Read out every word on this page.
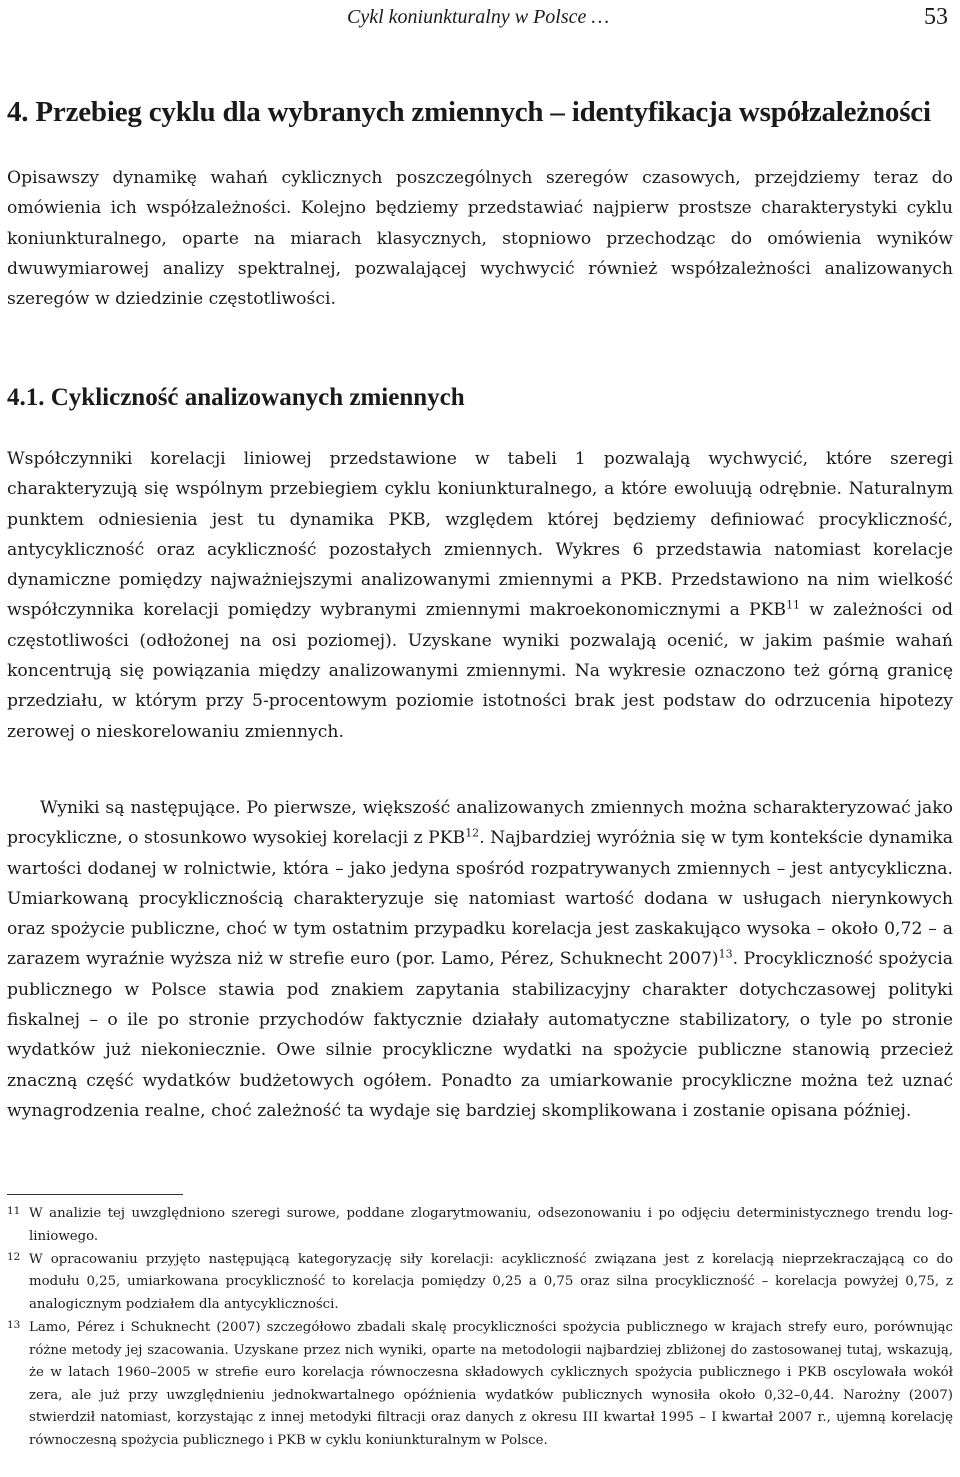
Cykl koniunkturalny w Polsce …	53
4. Przebieg cyklu dla wybranych zmiennych – identyfikacja współzależności

Opisawszy dynamikę wahań cyklicznych poszczególnych szeregów czasowych, przejdziemy teraz do omówienia ich współzależności. Kolejno będziemy przedstawiać najpierw prostsze charakterystyki cyklu koniunkturalnego, oparte na miarach klasycznych, stopniowo przechodząc do omówienia wyników dwuwymiarowej analizy spektralnej, pozwalającej wychwycić również współzależności analizowanych szeregów w dziedzinie częstotliwości.

4.1. Cykliczność analizowanych zmiennych

Współczynniki korelacji liniowej przedstawione w tabeli 1 pozwalają wychwycić, które szeregi charakteryzują się wspólnym przebiegiem cyklu koniunkturalnego, a które ewoluują odrębnie. Naturalnym punktem odniesienia jest tu dynamika PKB, względem której będziemy definiować procykliczność, antycykliczność oraz acykliczność pozostałych zmiennych. Wykres 6 przedstawia natomiast korelacje dynamiczne pomiędzy najważniejszymi analizowanymi zmiennymi a PKB. Przedstawiono na nim wielkość współczynnika korelacji pomiędzy wybranymi zmiennymi makroekonomicznymi a PKB$^{11}$ w zależności od częstotliwości (odłożonej na osi poziomej). Uzyskane wyniki pozwalają ocenić, w jakim paśmie wahań koncentrują się powiązania między analizowanymi zmiennymi. Na wykresie oznaczono też górną granicę przedziału, w którym przy 5-procentowym poziomie istotności brak jest podstaw do odrzucenia hipotezy zerowej o nieskorelowaniu zmiennych.

Wyniki są następujące. Po pierwsze, większość analizowanych zmiennych można scharakteryzować jako procykliczne, o stosunkowo wysokiej korelacji z PKB$^{12}$. Najbardziej wyróżnia się w tym kontekście dynamika wartości dodanej w rolnictwie, która – jako jedyna spośród rozpatrywanych zmiennych – jest antycykliczna. Umiarkowaną procyklicznością charakteryzuje się natomiast wartość dodana w usługach nierynkowych oraz spożycie publiczne, choć w tym ostatnim przypadku korelacja jest zaskakująco wysoka – około 0,72 – a zarazem wyraźnie wyższa niż w strefie euro (por. Lamo, Pérez, Schuknecht 2007)$^{13}$. Procykliczność spożycia publicznego w Polsce stawia pod znakiem zapytania stabilizacyjny charakter dotychczasowej polityki fiskalnej – o ile po stronie przychodów faktycznie działały automatyczne stabilizatory, o tyle po stronie wydatków już niekoniecznie. Owe silnie procykliczne wydatki na spożycie publiczne stanowią przecież znaczną część wydatków budżetowych ogółem. Ponadto za umiarkowanie procykliczne można też uznać wynagrodzenia realne, choć zależność ta wydaje się bardziej skomplikowana i zostanie opisana później.

11 W analizie tej uwzględniono szeregi surowe, poddane zlogarytmowaniu, odsezonowaniu i po odjęciu deterministycznego trendu log-liniowego.

12 W opracowaniu przyjęto następującą kategoryzację siły korelacji: acykliczność związana jest z korelacją nieprzekraczającą co do modułu 0,25, umiarkowana procykliczność to korelacja pomiędzy 0,25 a 0,75 oraz silna procykliczność – korelacja powyżej 0,75, z analogicznym podziałem dla antycykliczności.

13 Lamo, Pérez i Schuknecht (2007) szczegółowo zbadali skalę procykliczności spożycia publicznego w krajach strefy euro, porównując różne metody jej szacowania. Uzyskane przez nich wyniki, oparte na metodologii najbardziej zbliżonej do zastosowanej tutaj, wskazują, że w latach 1960–2005 w strefie euro korelacja równoczesna składowych cyklicznych spożycia publicznego i PKB oscylowała wokół zera, ale już przy uwzględnieniu jednokwartalnego opóźnienia wydatków publicznych wynosiła około 0,32–0,44. Narożny (2007) stwierdził natomiast, korzystając z innej metodyki filtracji oraz danych z okresu III kwartał 1995 – I kwartał 2007 r., ujemną korelację równoczesną spożycia publicznego i PKB w cyklu koniunkturalnym w Polsce.
